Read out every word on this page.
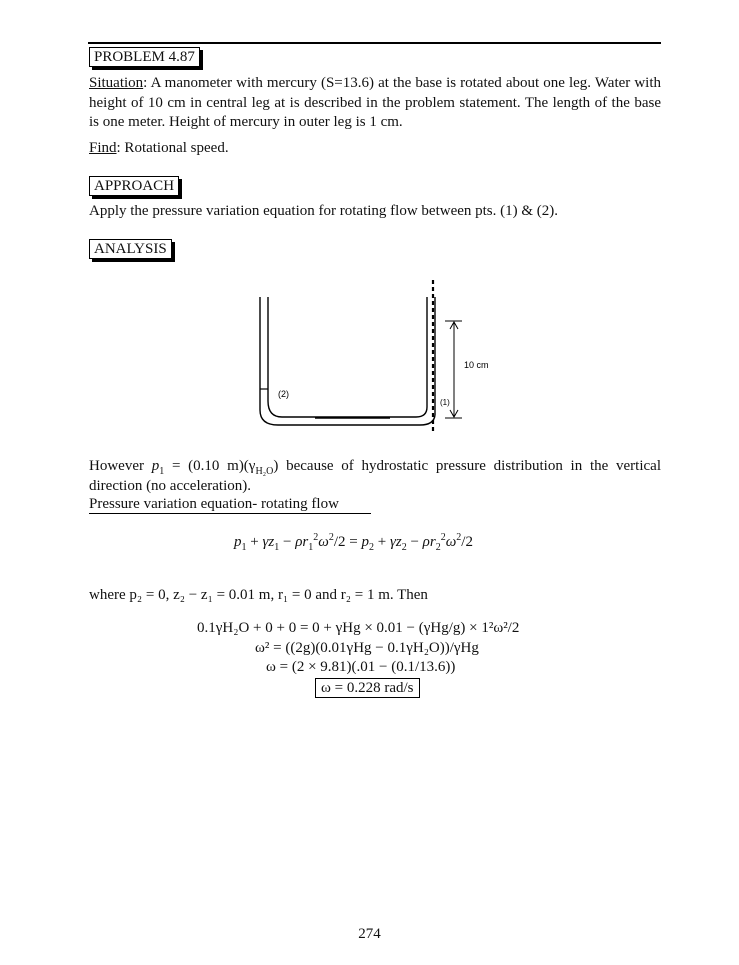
PROBLEM 4.87
Situation: A manometer with mercury (S=13.6) at the base is rotated about one leg. Water with height of 10 cm in central leg at is described in the problem statement. The length of the base is one meter. Height of mercury in outer leg is 1 cm.
Find: Rotational speed.
APPROACH
Apply the pressure variation equation for rotating flow between pts. (1) & (2).
ANALYSIS
10 cm
(2)
(1)
However $p_1 = (0.10$ $m)(\gamma_{H_2O})$ because of hydrostatic pressure distribution in the vertical direction (no acceleration).
Pressure variation equation- rotating flow
$p_1 + \gamma z_1 - \rho r_1^2\omega^2/2 = p_2 + \gamma z_2 - \rho r_2^2\omega^2/2$
where p₂ = 0, z₂ − z₁ = 0.01 m, r₁ = 0 and r₂ = 1 m. Then
0.1γH₂O + 0 + 0 = 0 + γHg × 0.01 − (γHg/g) × 1²ω²/2
ω² = ((2g)(0.01γHg − 0.1γH₂O))/γHg
ω = (2 × 9.81)(.01 − (0.1/13.6))
ω = 0.228 rad/s
274
